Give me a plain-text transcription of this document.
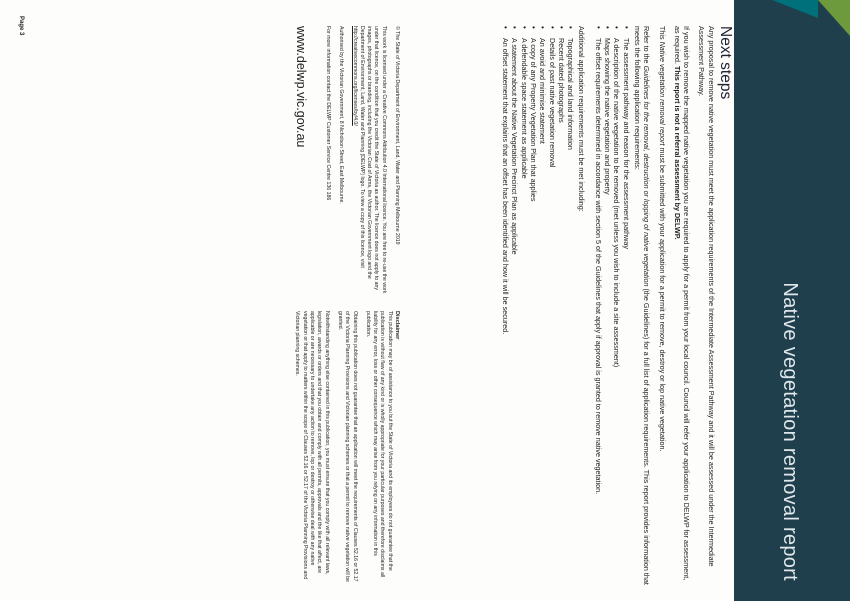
Native vegetation removal report
Next steps

Any proposal to remove native vegetation must meet the application requirements of the Intermediate Assessment Pathway and it will be assessed under the Intermediate Assessment Pathway.

If you wish to remove the mapped native vegetation you are required to apply for a permit from your local council. Council will refer your application to DELWP for assessment, as required. This report is not a referral assessment by DELWP.

This Native vegetation removal report must be submitted with your application for a permit to remove, destroy or lop native vegetation.

Refer to the Guidelines for the removal, destruction or lopping of native vegetation (the Guidelines) for a full list of application requirements. This report provides information that meets the following application requirements:

• The assessment pathway and reason for the assessment pathway
• A description of the native vegetation to be removed (met unless you wish to include a site assessment)
• Maps showing the native vegetation and property
• The offset requirements determined in accordance with section 5 of the Guidelines that apply if approval is granted to remove native vegetation.

Additional application requirements must be met including:

• Topographical and land information
• Recent dated photographs
• Details of past native vegetation removal
• An avoid and minimise statement
• A copy of any Property Vegetation Plan that applies
• A defendable space statement as applicable
• A statement about the Native Vegetation Precinct Plan as applicable
• An offset statement that explains that an offset has been identified and how it will be secured.

© The State of Victoria Department of Environment, Land, Water and Planning Melbourne 2019

This work is licensed under a Creative Commons Attribution 4.0 International licence. You are free to re-use the work under that licence, on the condition that you credit the State of Victoria as author. The licence does not apply to any images, photographs or branding, including the Victorian Coat of Arms, the Victorian Government logo and the Department of Environment, Land, Water and Planning (DELWP) logo. To view a copy of this licence, visit http://creativecommons.org/licenses/by/4.0/

Authorised by the Victorian Government, 8 Nicholson Street, East Melbourne.

For more information contact the DELWP Customer Service Centre 136 186

www.delwp.vic.gov.au
Disclaimer

This publication may be of assistance to you but the State of Victoria and its employees do not guarantee that the publication is without flaw of any kind or is wholly appropriate for your particular purposes and therefore disclaims all liability for any error, loss or other consequence which may arise from you relying on any information in this publication.

Obtaining this publication does not guarantee that an application will meet the requirements of Clauses 52.16 or 52.17 of the Victoria Planning Provisions and Victorian planning schemes or that a permit to remove native vegetation will be granted.

Notwithstanding anything else contained in this publication, you must ensure that you comply with all relevant laws, legislation, awards or orders and that you obtain and comply with all permits, approvals and the like that affect, are applicable or are necessary to undertake any action to remove, lop or destroy or otherwise deal with any native vegetation or that apply to matters within the scope of Clauses 52.16 or 52.17 of the Victoria Planning Provisions and Victorian planning schemes.

Page 3
